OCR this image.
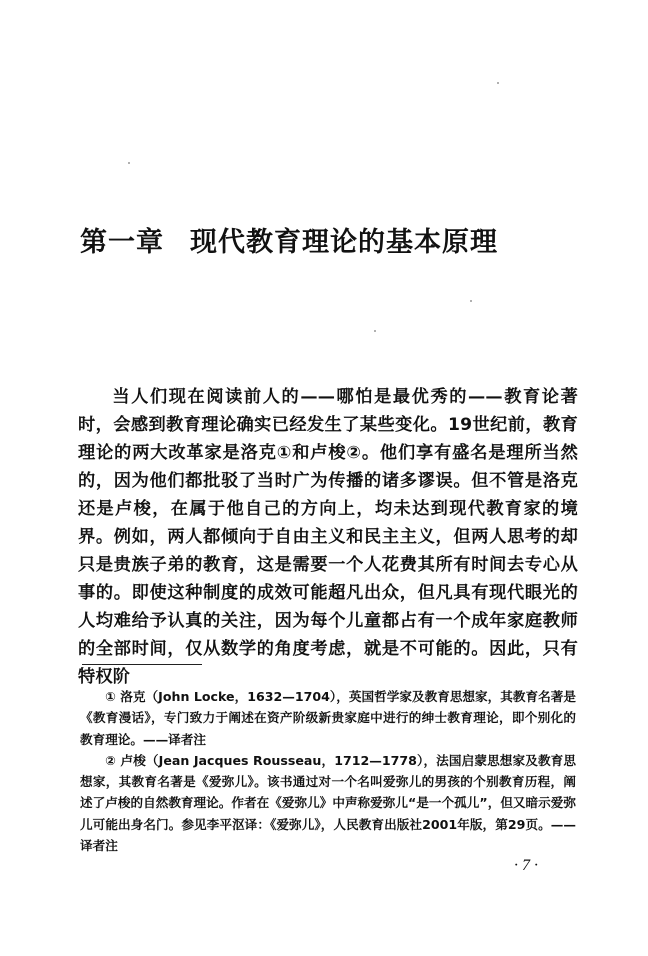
第一章 现代教育理论的基本原理

当人们现在阅读前人的——哪怕是最优秀的——教育论著时，会感到教育理论确实已经发生了某些变化。19世纪前，教育理论的两大改革家是洛克①和卢梭②。他们享有盛名是理所当然的，因为他们都批驳了当时广为传播的诸多谬误。但不管是洛克还是卢梭，在属于他自己的方向上，均未达到现代教育家的境界。例如，两人都倾向于自由主义和民主主义，但两人思考的却只是贵族子弟的教育，这是需要一个人花费其所有时间去专心从事的。即使这种制度的成效可能超凡出众，但凡具有现代眼光的人均难给予认真的关注，因为每个儿童都占有一个成年家庭教师的全部时间，仅从数学的角度考虑，就是不可能的。因此，只有特权阶

① 洛克（John Locke，1632—1704），英国哲学家及教育思想家，其教育名著是《教育漫话》，专门致力于阐述在资产阶级新贵家庭中进行的绅士教育理论，即个别化的教育理论。——译者注

② 卢梭（Jean Jacques Rousseau，1712—1778），法国启蒙思想家及教育思想家，其教育名著是《爱弥儿》。该书通过对一个名叫爱弥儿的男孩的个别教育历程，阐述了卢梭的自然教育理论。作者在《爱弥儿》中声称爱弥儿“是一个孤儿”，但又暗示爱弥儿可能出身名门。参见李平沤译：《爱弥儿》，人民教育出版社2001年版，第29页。——译者注

· 7 ·
